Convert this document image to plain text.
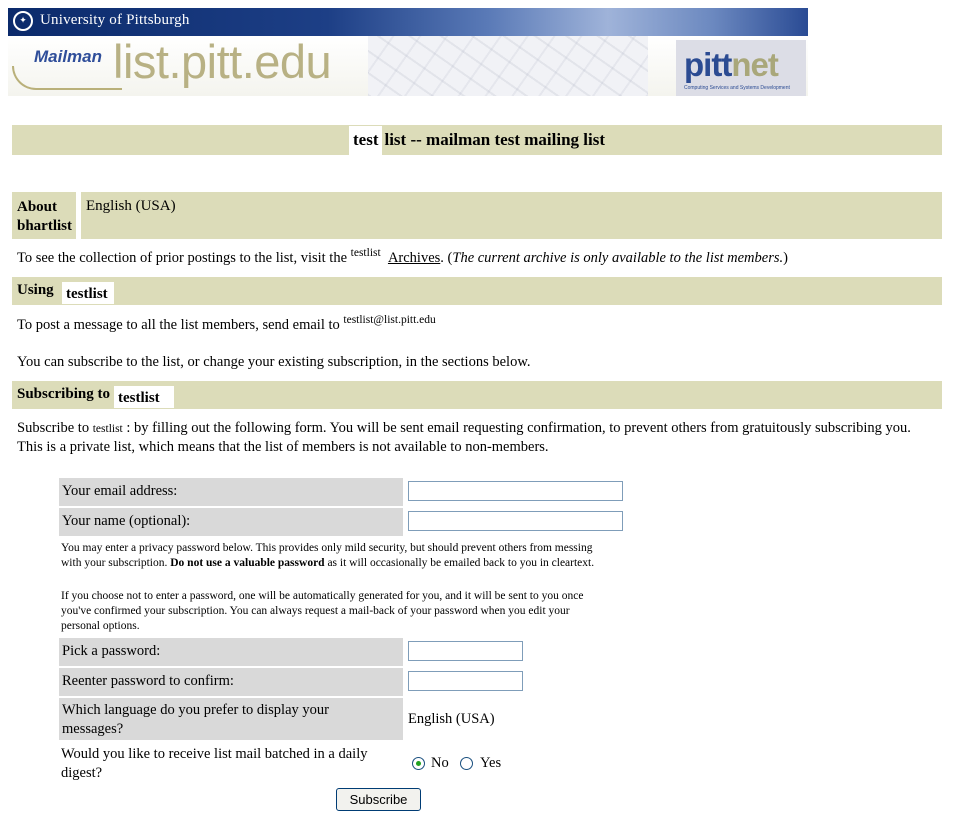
✦ University of Pittsburgh
Mailman list.pitt.edu	pittnet
Computing Services and Systems Development
test list -- mailman test mailing list
About bhartlist
English (USA)
To see the collection of prior postings to the list, visit the $^{testlist}$ Archives. (The current archive is only available to the list members.)
Using testlist
To post a message to all the list members, send email to $^{testlist@list.pitt.edu}$
You can subscribe to the list, or change your existing subscription, in the sections below.
Subscribing to testlist
Subscribe to testlist : by filling out the following form. You will be sent email requesting confirmation, to prevent others from gratuitously subscribing you.
This is a private list, which means that the list of members is not available to non-members.
Your email address:
Your name (optional):
You may enter a privacy password below. This provides only mild security, but should prevent others from messing
with your subscription. Do not use a valuable password as it will occasionally be emailed back to you in cleartext.
If you choose not to enter a password, one will be automatically generated for you, and it will be sent to you once
you've confirmed your subscription. You can always request a mail-back of your password when you edit your
personal options.
Pick a password:
Reenter password to confirm:
Which language do you prefer to display your
messages?
English (USA)
Would you like to receive list mail batched in a daily
digest?
No Yes
Subscribe
